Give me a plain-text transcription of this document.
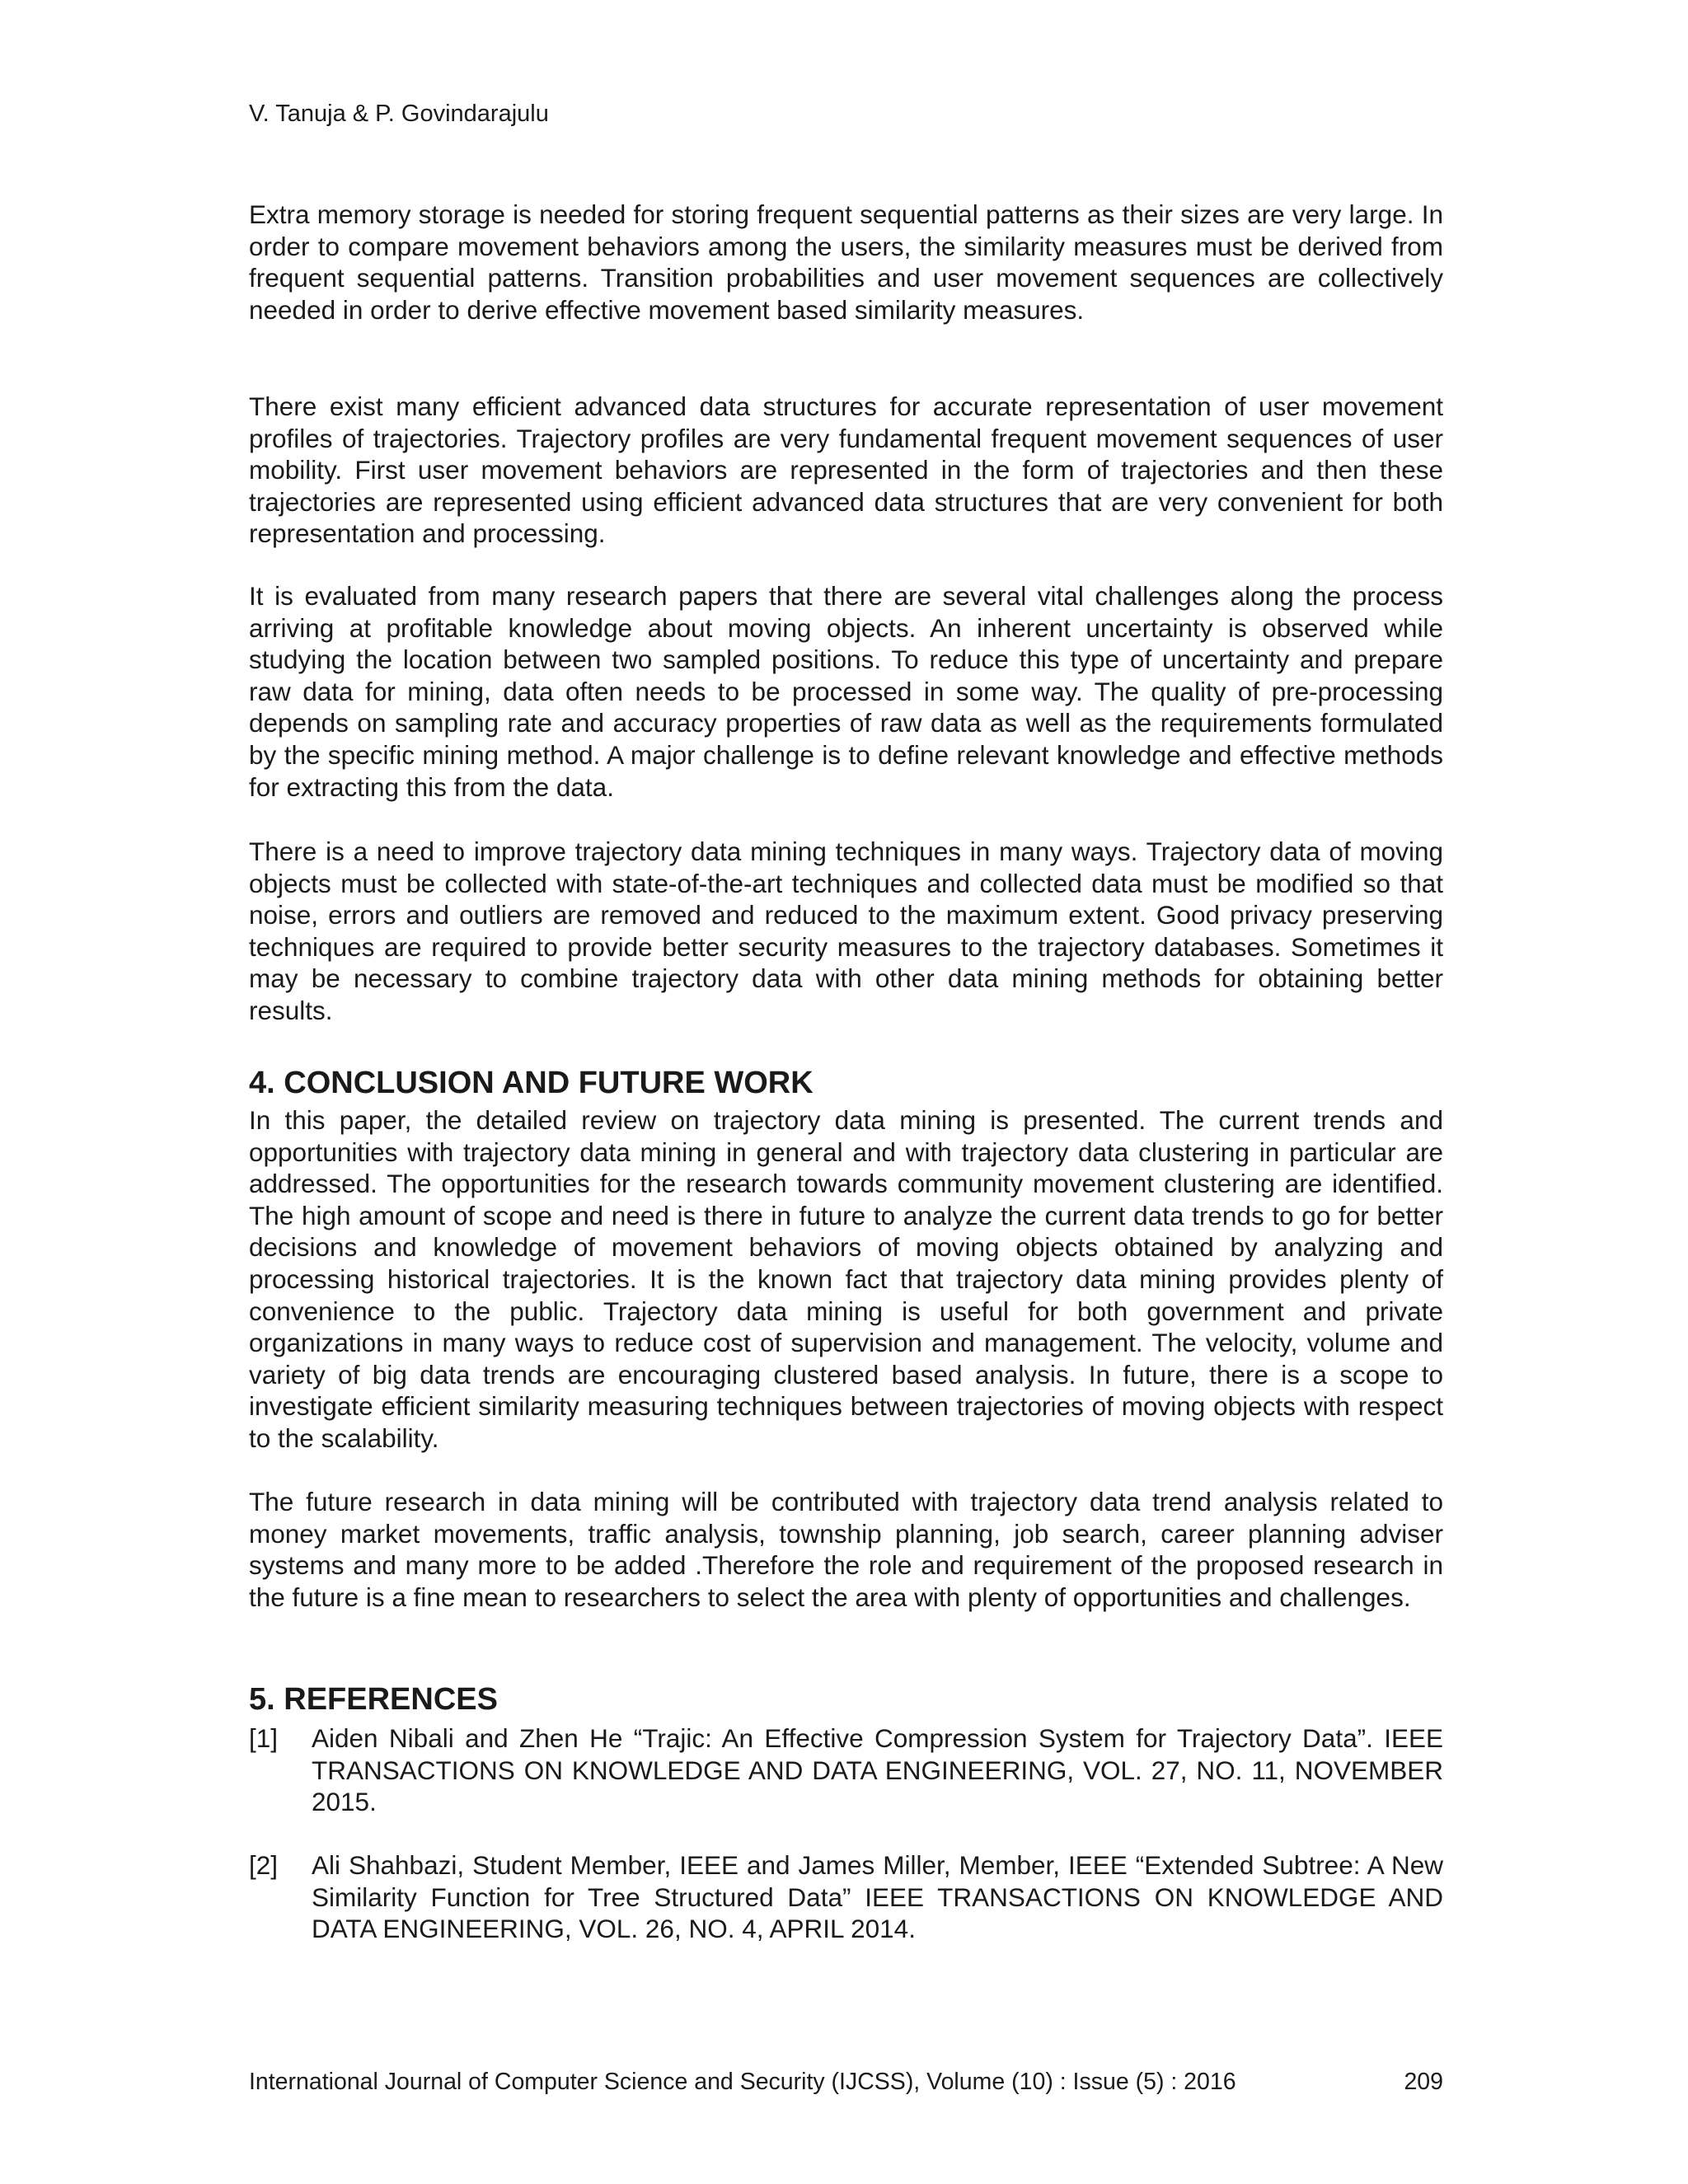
V. Tanuja & P. Govindarajulu

Extra memory storage is needed for storing frequent sequential patterns as their sizes are very large. In order to compare movement behaviors among the users, the similarity measures must be derived from frequent sequential patterns. Transition probabilities and user movement sequences are collectively needed in order to derive effective movement based similarity measures.

There exist many efficient advanced data structures for accurate representation of user movement profiles of trajectories. Trajectory profiles are very fundamental frequent movement sequences of user mobility. First user movement behaviors are represented in the form of trajectories and then these trajectories are represented using efficient advanced data structures that are very convenient for both representation and processing.

It is evaluated from many research papers that there are several vital challenges along the process arriving at profitable knowledge about moving objects. An inherent uncertainty is observed while studying the location between two sampled positions. To reduce this type of uncertainty and prepare raw data for mining, data often needs to be processed in some way. The quality of pre-processing depends on sampling rate and accuracy properties of raw data as well as the requirements formulated by the specific mining method. A major challenge is to define relevant knowledge and effective methods for extracting this from the data.

There is a need to improve trajectory data mining techniques in many ways. Trajectory data of moving objects must be collected with state-of-the-art techniques and collected data must be modified so that noise, errors and outliers are removed and reduced to the maximum extent. Good privacy preserving techniques are required to provide better security measures to the trajectory databases. Sometimes it may be necessary to combine trajectory data with other data mining methods for obtaining better results.

4. CONCLUSION AND FUTURE WORK

In this paper, the detailed review on trajectory data mining is presented. The current trends and opportunities with trajectory data mining in general and with trajectory data clustering in particular are addressed. The opportunities for the research towards community movement clustering are identified. The high amount of scope and need is there in future to analyze the current data trends to go for better decisions and knowledge of movement behaviors of moving objects obtained by analyzing and processing historical trajectories. It is the known fact that trajectory data mining provides plenty of convenience to the public. Trajectory data mining is useful for both government and private organizations in many ways to reduce cost of supervision and management. The velocity, volume and variety of big data trends are encouraging clustered based analysis. In future, there is a scope to investigate efficient similarity measuring techniques between trajectories of moving objects with respect to the scalability.

The future research in data mining will be contributed with trajectory data trend analysis related to money market movements, traffic analysis, township planning, job search, career planning adviser systems and many more to be added .Therefore the role and requirement of the proposed research in the future is a fine mean to researchers to select the area with plenty of opportunities and challenges.

5. REFERENCES
[1] Aiden Nibali and Zhen He “Trajic: An Effective Compression System for Trajectory Data”. IEEE TRANSACTIONS ON KNOWLEDGE AND DATA ENGINEERING, VOL. 27, NO. 11, NOVEMBER 2015.
[2] Ali Shahbazi, Student Member, IEEE and James Miller, Member, IEEE “Extended Subtree: A New Similarity Function for Tree Structured Data” IEEE TRANSACTIONS ON KNOWLEDGE AND DATA ENGINEERING, VOL. 26, NO. 4, APRIL 2014.
International Journal of Computer Science and Security (IJCSS), Volume (10) : Issue (5) : 2016	209
